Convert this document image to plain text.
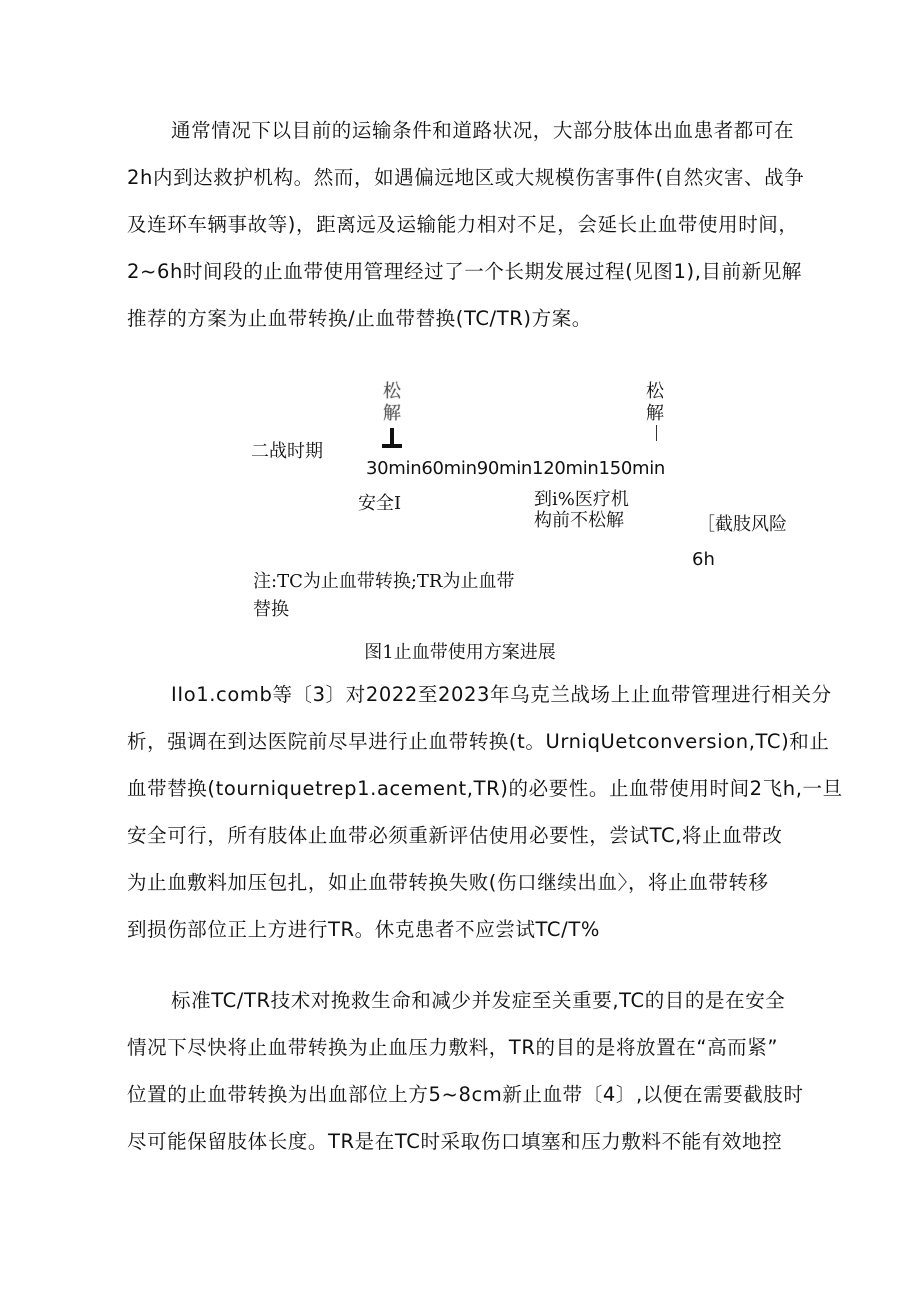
通常情况下以目前的运输条件和道路状况，大部分肢体出血患者都可在
2h内到达救护机构。然而，如遇偏远地区或大规模伤害事件(自然灾害、战争
及连环车辆事故等)，距离远及运输能力相对不足，会延长止血带使用时间，
2~6h时间段的止血带使用管理经过了一个长期发展过程(见图1),目前新见解
推荐的方案为止血带转换/止血带替换(TC/TR)方案。
松解
松解
二战时期
30min60min90min120min150min
安全I	到i%医疗机
构前不松解	［截肢风险
6h
注:TC为止血带转换;TR为止血带替换
图1止血带使用方案进展
IIo1.comb等〔3〕对2022至2023年乌克兰战场上止血带管理进行相关分
析，强调在到达医院前尽早进行止血带转换(t。UrniqUetconversion,TC)和止
血带替换(tourniquetrep1.acement,TR)的必要性。止血带使用时间2飞h,一旦
安全可行，所有肢体止血带必须重新评估使用必要性，尝试TC,将止血带改
为止血敷料加压包扎，如止血带转换失败(伤口继续出血〉，将止血带转移
到损伤部位正上方进行TR。休克患者不应尝试TC/T%
标准TC/TR技术对挽救生命和减少并发症至关重要,TC的目的是在安全
情况下尽快将止血带转换为止血压力敷料，TR的目的是将放置在“高而紧”
位置的止血带转换为出血部位上方5~8cm新止血带〔4〕,以便在需要截肢时
尽可能保留肢体长度。TR是在TC时采取伤口填塞和压力敷料不能有效地控
